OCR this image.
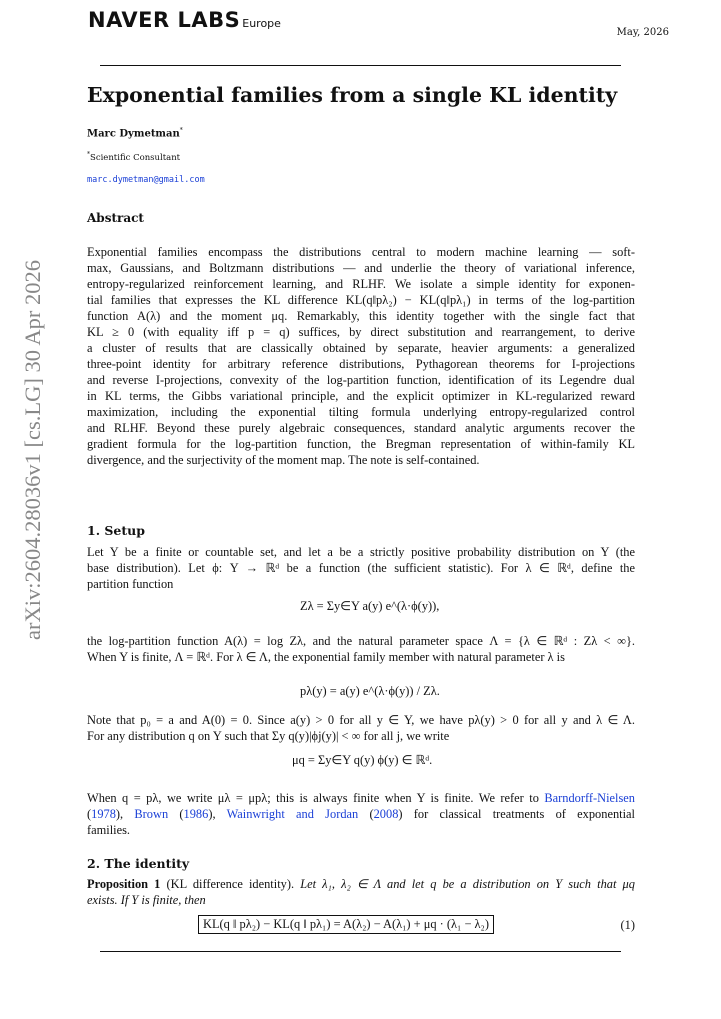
NAVER LABS Europe
May, 2026
arXiv:2604.28036v1 [cs.LG] 30 Apr 2026
Exponential families from a single KL identity
Marc Dymetman*
*Scientific Consultant
marc.dymetman@gmail.com
Abstract
Exponential families encompass the distributions central to modern machine learning — soft-
max, Gaussians, and Boltzmann distributions — and underlie the theory of variational inference,
entropy-regularized reinforcement learning, and RLHF. We isolate a simple identity for exponen-
tial families that expresses the KL difference KL(q‖pλ₂) − KL(q‖pλ₁) in terms of the log-partition
function A(λ) and the moment μq. Remarkably, this identity together with the single fact that
KL ≥ 0 (with equality iff p = q) suffices, by direct substitution and rearrangement, to derive
a cluster of results that are classically obtained by separate, heavier arguments: a generalized
three-point identity for arbitrary reference distributions, Pythagorean theorems for I-projections
and reverse I-projections, convexity of the log-partition function, identification of its Legendre dual
in KL terms, the Gibbs variational principle, and the explicit optimizer in KL-regularized reward
maximization, including the exponential tilting formula underlying entropy-regularized control
and RLHF. Beyond these purely algebraic consequences, standard analytic arguments recover the
gradient formula for the log-partition function, the Bregman representation of within-family KL
divergence, and the surjectivity of the moment map. The note is self-contained.
1. Setup
Let Y be a finite or countable set, and let a be a strictly positive probability distribution on Y (the
base distribution). Let ϕ: Y → ℝᵈ be a function (the sufficient statistic). For λ ∈ ℝᵈ, define the
partition function
Zλ = Σy∈Y a(y) e^(λ·ϕ(y)),
the log-partition function A(λ) = log Zλ, and the natural parameter space Λ = {λ ∈ ℝᵈ : Zλ < ∞}.
When Y is finite, Λ = ℝᵈ. For λ ∈ Λ, the exponential family member with natural parameter λ is
pλ(y) = a(y) e^(λ·ϕ(y)) / Zλ.
Note that p₀ = a and A(0) = 0. Since a(y) > 0 for all y ∈ Y, we have pλ(y) > 0 for all y and λ ∈ Λ.
For any distribution q on Y such that Σy q(y)|ϕj(y)| < ∞ for all j, we write
μq = Σy∈Y q(y) ϕ(y) ∈ ℝᵈ.
When q = pλ, we write μλ = μpλ; this is always finite when Y is finite. We refer to Barndorff-Nielsen
(1978), Brown (1986), Wainwright and Jordan (2008) for classical treatments of exponential
families.
2. The identity
Proposition 1 (KL difference identity). Let λ₁, λ₂ ∈ Λ and let q be a distribution on Y such that μq
exists. If Y is finite, then
KL(q ‖ pλ₂) − KL(q ‖ pλ₁) = A(λ₂) − A(λ₁) + μq · (λ₁ − λ₂)	(1)
